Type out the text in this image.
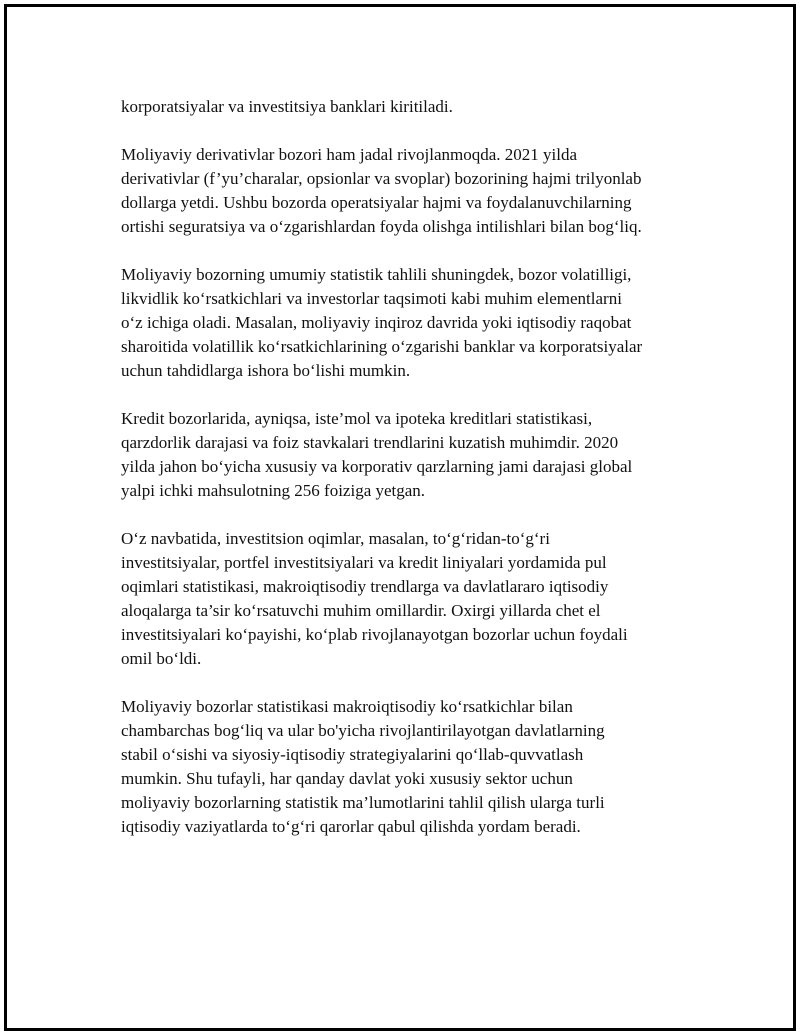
korporatsiyalar va investitsiya banklari kiritiladi.

Moliyaviy derivativlar bozori ham jadal rivojlanmoqda. 2021 yilda
derivativlar (f’yu’charalar, opsionlar va svoplar) bozorining hajmi trilyonlab
dollarga yetdi. Ushbu bozorda operatsiyalar hajmi va foydalanuvchilarning
ortishi seguratsiya va o‘zgarishlardan foyda olishga intilishlari bilan bog‘liq.

Moliyaviy bozorning umumiy statistik tahlili shuningdek, bozor volatilligi,
likvidlik ko‘rsatkichlari va investorlar taqsimoti kabi muhim elementlarni
o‘z ichiga oladi. Masalan, moliyaviy inqiroz davrida yoki iqtisodiy raqobat
sharoitida volatillik ko‘rsatkichlarining o‘zgarishi banklar va korporatsiyalar
uchun tahdidlarga ishora bo‘lishi mumkin.

Kredit bozorlarida, ayniqsa, iste’mol va ipoteka kreditlari statistikasi,
qarzdorlik darajasi va foiz stavkalari trendlarini kuzatish muhimdir. 2020
yilda jahon bo‘yicha xususiy va korporativ qarzlarning jami darajasi global
yalpi ichki mahsulotning 256 foiziga yetgan.

O‘z navbatida, investitsion oqimlar, masalan, to‘g‘ridan-to‘g‘ri
investitsiyalar, portfel investitsiyalari va kredit liniyalari yordamida pul
oqimlari statistikasi, makroiqtisodiy trendlarga va davlatlararo iqtisodiy
aloqalarga ta’sir ko‘rsatuvchi muhim omillardir. Oxirgi yillarda chet el
investitsiyalari ko‘payishi, ko‘plab rivojlanayotgan bozorlar uchun foydali
omil bo‘ldi.

Moliyaviy bozorlar statistikasi makroiqtisodiy ko‘rsatkichlar bilan
chambarchas bog‘liq va ular bo'yicha rivojlantirilayotgan davlatlarning
stabil o‘sishi va siyosiy-iqtisodiy strategiyalarini qo‘llab-quvvatlash
mumkin. Shu tufayli, har qanday davlat yoki xususiy sektor uchun
moliyaviy bozorlarning statistik ma’lumotlarini tahlil qilish ularga turli
iqtisodiy vaziyatlarda to‘g‘ri qarorlar qabul qilishda yordam beradi.
